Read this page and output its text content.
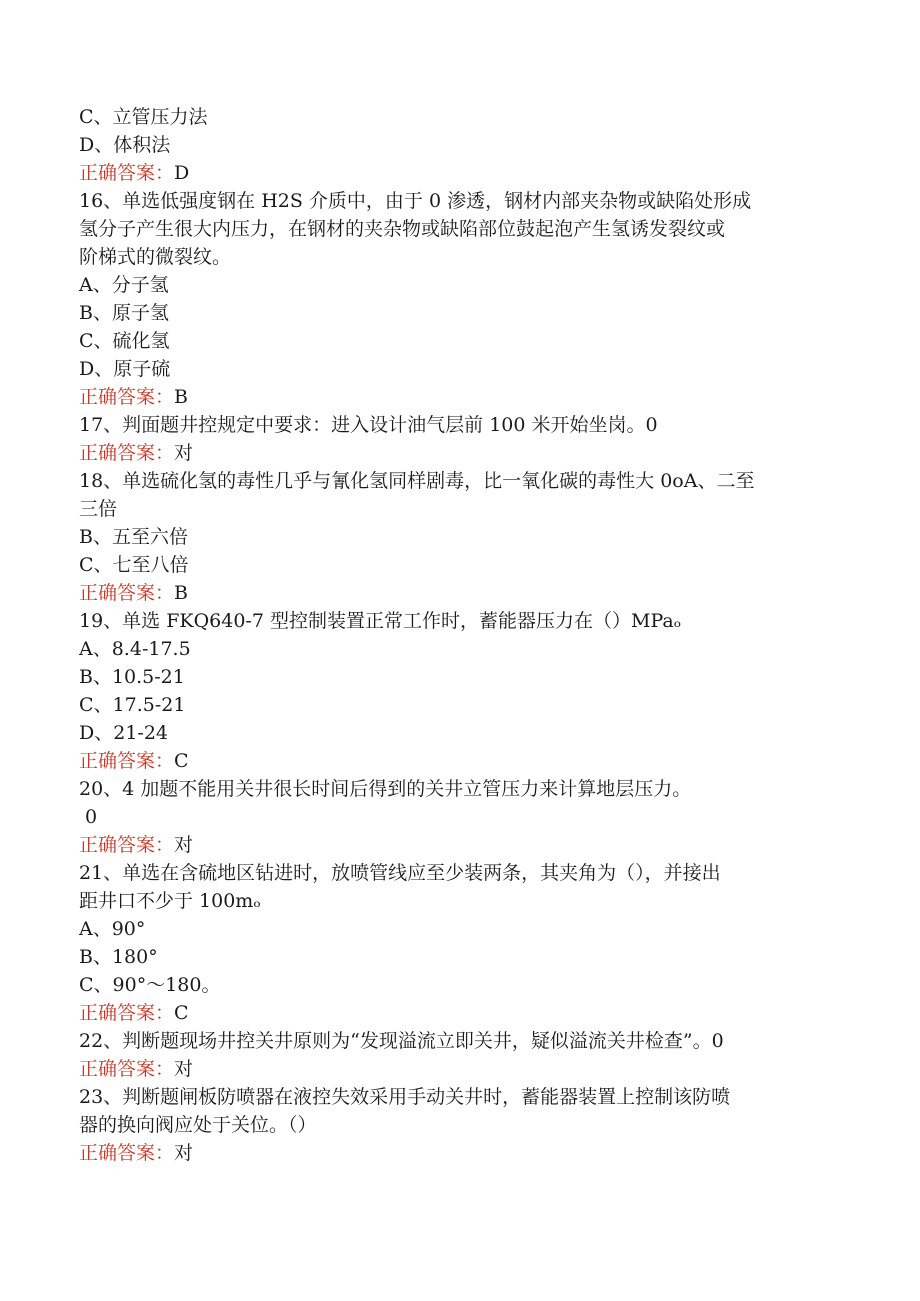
C、立管压力法
D、体积法
正确答案：D
16、单选低强度钢在 H2S 介质中，由于 0 渗透，钢材内部夹杂物或缺陷处形成
氢分子产生很大内压力，在钢材的夹杂物或缺陷部位鼓起泡产生氢诱发裂纹或
阶梯式的微裂纹。
A、分子氢
B、原子氢
C、硫化氢
D、原子硫
正确答案：B
17、判面题井控规定中要求：进入设计油气层前 100 米开始坐岗。0
正确答案：对
18、单选硫化氢的毒性几乎与氰化氢同样剧毒，比一氧化碳的毒性大 0oA、二至
三倍
B、五至六倍
C、七至八倍
正确答案：B
19、单选 FKQ640-7 型控制装置正常工作时，蓄能器压力在（）MPaₒ
A、8.4-17.5
B、10.5-21
C、17.5-21
D、21-24
正确答案：C
20、4 加题不能用关井很长时间后得到的关井立管压力来计算地层压力。
0
正确答案：对
21、单选在含硫地区钻进时，放喷管线应至少装两条，其夹角为（），并接出
距井口不少于 100mₒ
A、90°
B、180°
C、90°～180。
正确答案：C
22、判断题现场井控关井原则为“发现溢流立即关井，疑似溢流关井检查”。0
正确答案：对
23、判断题闸板防喷器在液控失效采用手动关井时，蓄能器装置上控制该防喷
器的换向阀应处于关位。（）
正确答案：对
